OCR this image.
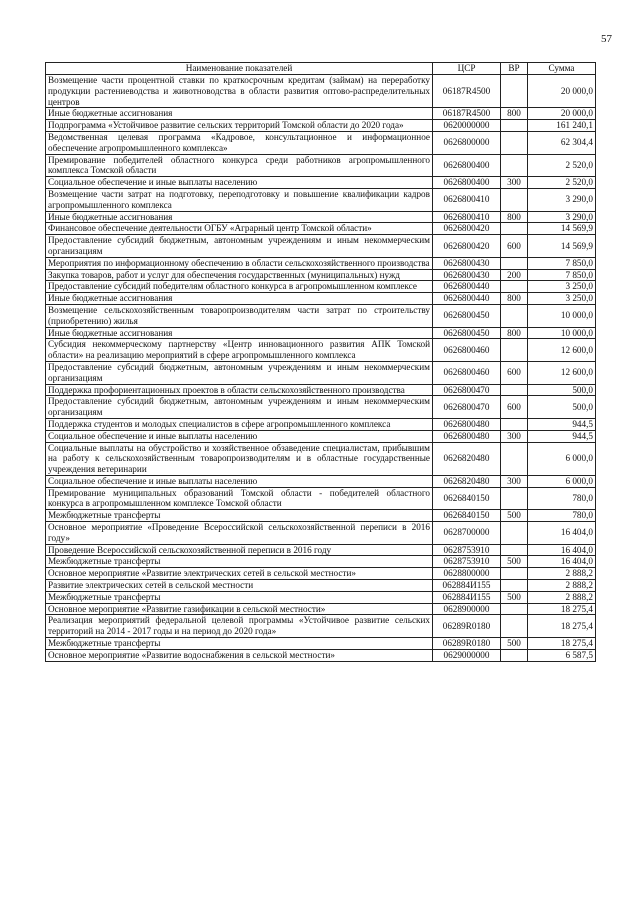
57
Наименование показателей	ЦСР	ВР	Сумма
Возмещение части процентной ставки по краткосрочным кредитам (займам) на переработку продукции растениеводства и животноводства в области развития оптово-распределительных центров	06187R4500		20 000,0
Иные бюджетные ассигнования	06187R4500	800	20 000,0
Подпрограмма «Устойчивое развитие сельских территорий Томской области до 2020 года»	0620000000		161 240,1
Ведомственная целевая программа «Кадровое, консультационное и информационное обеспечение агропромышленного комплекса»	0626800000		62 304,4
Премирование победителей областного конкурса среди работников агропромышленного комплекса Томской области	0626800400		2 520,0
Социальное обеспечение и иные выплаты населению	0626800400	300	2 520,0
Возмещение части затрат на подготовку, переподготовку и повышение квалификации кадров агропромышленного комплекса	0626800410		3 290,0
Иные бюджетные ассигнования	0626800410	800	3 290,0
Финансовое обеспечение деятельности ОГБУ «Аграрный центр Томской области»	0626800420		14 569,9
Предоставление субсидий бюджетным, автономным учреждениям и иным некоммерческим организациям	0626800420	600	14 569,9
Мероприятия по информационному обеспечению в области сельскохозяйственного производства	0626800430		7 850,0
Закупка товаров, работ и услуг для обеспечения государственных (муниципальных) нужд	0626800430	200	7 850,0
Предоставление субсидий победителям областного конкурса в агропромышленном комплексе	0626800440		3 250,0
Иные бюджетные ассигнования	0626800440	800	3 250,0
Возмещение сельскохозяйственным товаропроизводителям части затрат по строительству (приобретению) жилья	0626800450		10 000,0
Иные бюджетные ассигнования	0626800450	800	10 000,0
Субсидия некоммерческому партнерству «Центр инновационного развития АПК Томской области» на реализацию мероприятий в сфере агропромышленного комплекса	0626800460		12 600,0
Предоставление субсидий бюджетным, автономным учреждениям и иным некоммерческим организациям	0626800460	600	12 600,0
Поддержка профориентационных проектов в области сельскохозяйственного производства	0626800470		500,0
Предоставление субсидий бюджетным, автономным учреждениям и иным некоммерческим организациям	0626800470	600	500,0
Поддержка студентов и молодых специалистов в сфере агропромышленного комплекса	0626800480		944,5
Социальное обеспечение и иные выплаты населению	0626800480	300	944,5
Социальные выплаты на обустройство и хозяйственное обзаведение специалистам, прибывшим на работу к сельскохозяйственным товаропроизводителям и в областные государственные учреждения ветеринарии	0626820480		6 000,0
Социальное обеспечение и иные выплаты населению	0626820480	300	6 000,0
Премирование муниципальных образований Томской области - победителей областного конкурса в агропромышленном комплексе Томской области	0626840150		780,0
Межбюджетные трансферты	0626840150	500	780,0
Основное мероприятие «Проведение Всероссийской сельскохозяйственной переписи в 2016 году»	0628700000		16 404,0
Проведение Всероссийской сельскохозяйственной переписи в 2016 году	0628753910		16 404,0
Межбюджетные трансферты	0628753910	500	16 404,0
Основное мероприятие «Развитие электрических сетей в сельской местности»	0628800000		2 888,2
Развитие электрических сетей в сельской местности	062884И155		2 888,2
Межбюджетные трансферты	062884И155	500	2 888,2
Основное мероприятие «Развитие газификации в сельской местности»	0628900000		18 275,4
Реализация мероприятий федеральной целевой программы «Устойчивое развитие сельских территорий на 2014 - 2017 годы и на период до 2020 года»	06289R0180		18 275,4
Межбюджетные трансферты	06289R0180	500	18 275,4
Основное мероприятие «Развитие водоснабжения в сельской местности»	0629000000		6 587,5
